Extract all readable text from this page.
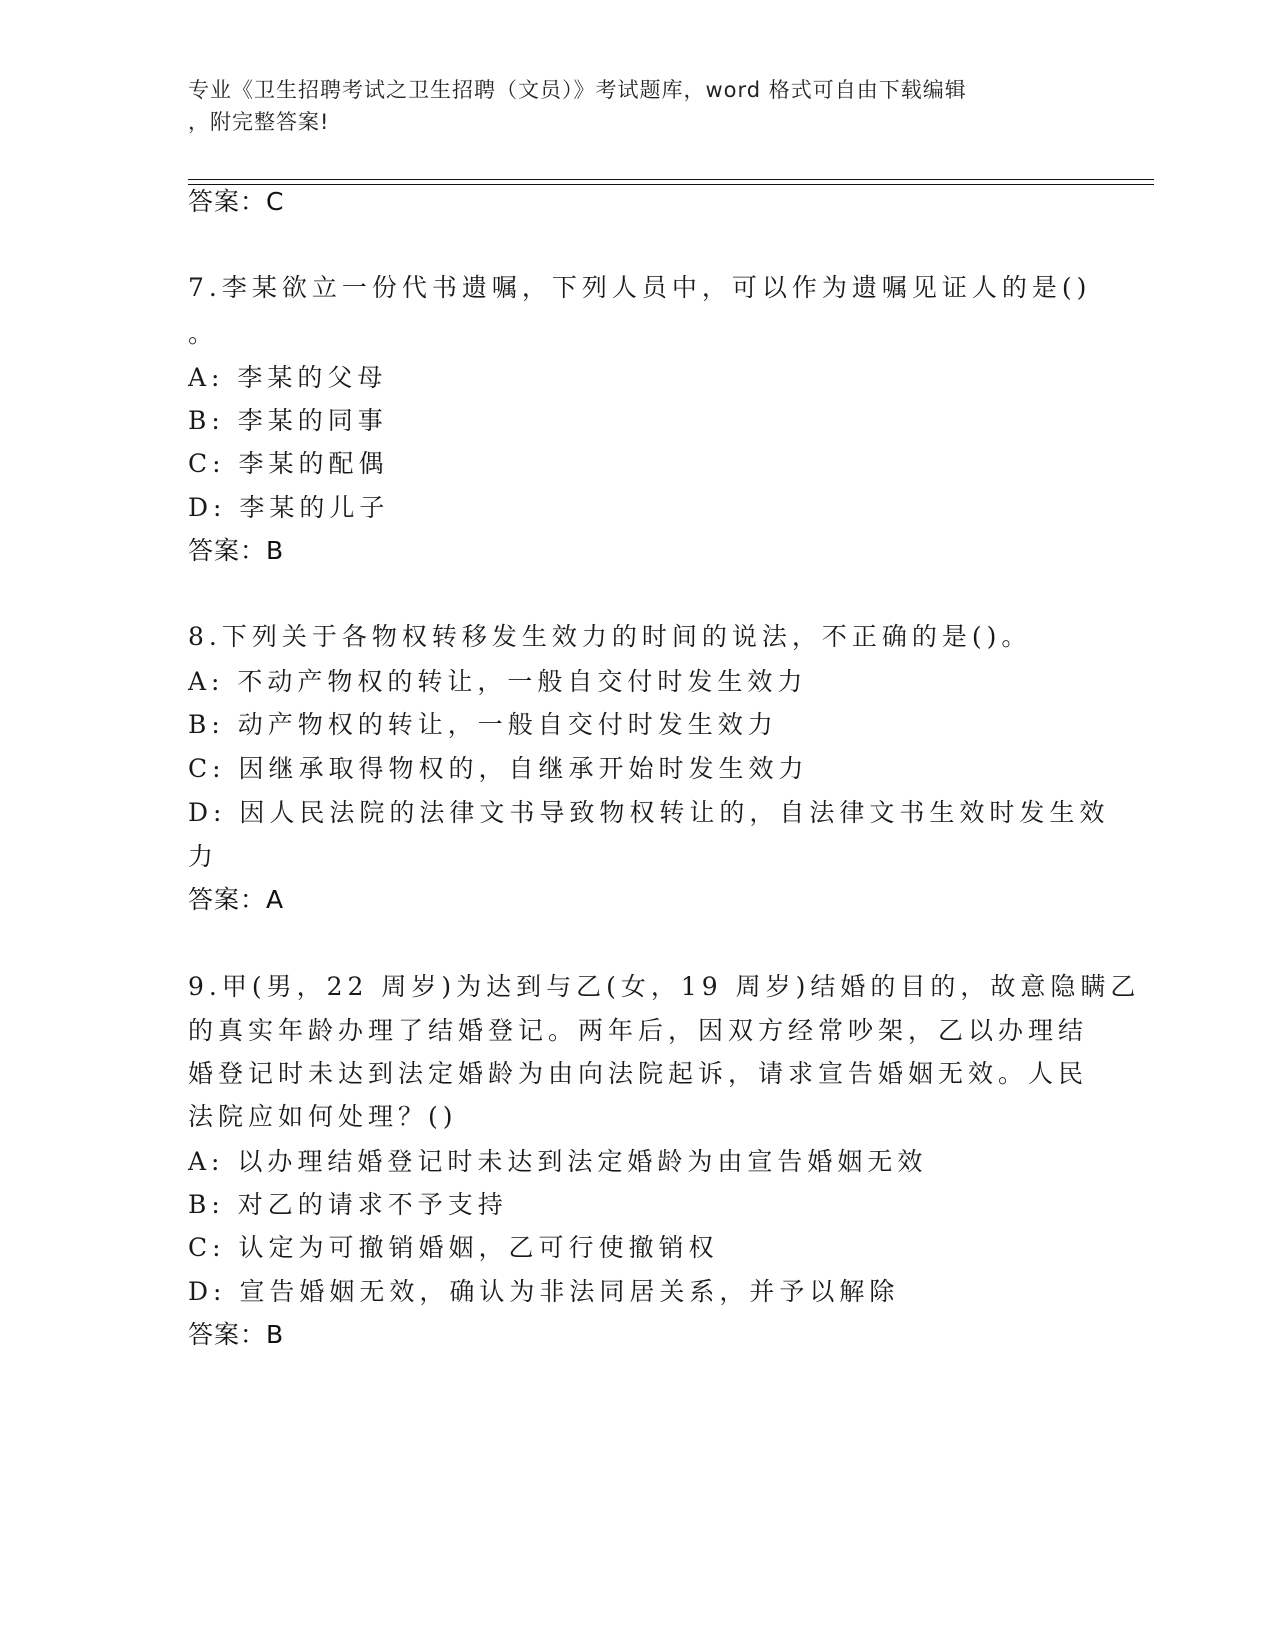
专业《卫生招聘考试之卫生招聘（文员）》考试题库，word 格式可自由下载编辑
，附完整答案!
答案：C
7.李某欲立一份代书遗嘱，下列人员中，可以作为遗嘱见证人的是()
。
A: 李某的父母
B: 李某的同事
C: 李某的配偶
D: 李某的儿子
答案：B
8.下列关于各物权转移发生效力的时间的说法，不正确的是()。
A: 不动产物权的转让，一般自交付时发生效力
B: 动产物权的转让，一般自交付时发生效力
C: 因继承取得物权的，自继承开始时发生效力
D: 因人民法院的法律文书导致物权转让的，自法律文书生效时发生效
力
答案：A
9.甲(男，22 周岁)为达到与乙(女，19 周岁)结婚的目的，故意隐瞒乙
的真实年龄办理了结婚登记。两年后，因双方经常吵架，乙以办理结
婚登记时未达到法定婚龄为由向法院起诉，请求宣告婚姻无效。人民
法院应如何处理？()
A: 以办理结婚登记时未达到法定婚龄为由宣告婚姻无效
B: 对乙的请求不予支持
C: 认定为可撤销婚姻，乙可行使撤销权
D: 宣告婚姻无效，确认为非法同居关系，并予以解除
答案：B
